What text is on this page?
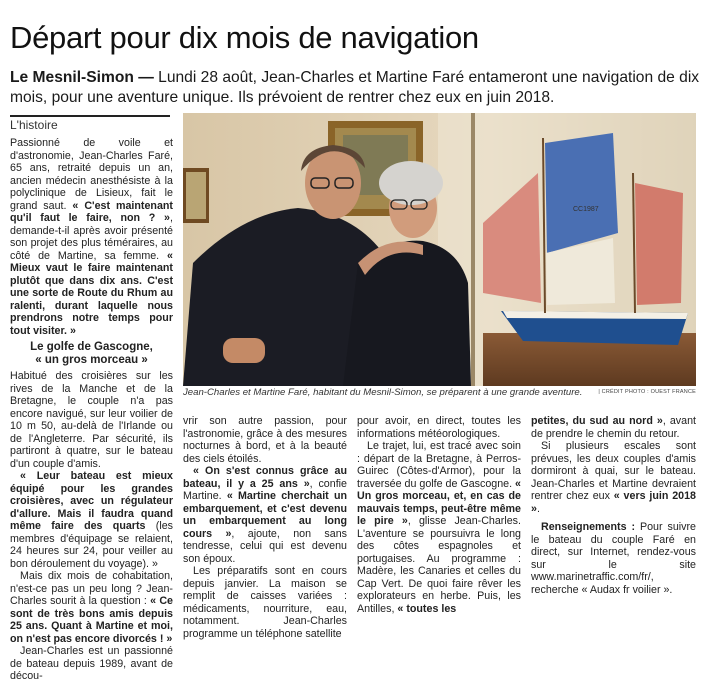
Départ pour dix mois de navigation
Le Mesnil-Simon — Lundi 28 août, Jean-Charles et Martine Faré entameront une navigation de dix mois, pour une aventure unique. Ils prévoient de rentrer chez eux en juin 2018.
L'histoire

Passionné de voile et d'astronomie, Jean-Charles Faré, 65 ans, retraité depuis un an, ancien médecin anesthésiste à la polyclinique de Lisieux, fait le grand saut. « C'est maintenant qu'il faut le faire, non ? », demande-t-il après avoir présenté son projet des plus téméraires, au côté de Martine, sa femme. « Mieux vaut le faire maintenant plutôt que dans dix ans. C'est une sorte de Route du Rhum au ralenti, durant laquelle nous prendrons notre temps pour tout visiter. »

Le golfe de Gascogne,
« un gros morceau »

Habitué des croisières sur les rives de la Manche et de la Bretagne, le couple n'a pas encore navigué, sur leur voilier de 10 m 50, au-delà de l'Irlande ou de l'Angleterre. Par sécurité, ils partiront à quatre, sur le bateau d'un couple d'amis.

« Leur bateau est mieux équipé pour les grandes croisières, avec un régulateur d'allure. Mais il faudra quand même faire des quarts (les membres d'équipage se relaient, 24 heures sur 24, pour veiller au bon déroulement du voyage). »

Mais dix mois de cohabitation, n'est-ce pas un peu long ? Jean-Charles sourit à la question : « Ce sont de très bons amis depuis 25 ans. Quant à Martine et moi, on n'est pas encore divorcés ! »

Jean-Charles est un passionné de bateau depuis 1989, avant de décou-

CC1987
Jean-Charles et Martine Faré, habitant du Mesnil-Simon, se préparent à une grande aventure.	| CRÉDIT PHOTO : OUEST FRANCE

vrir son autre passion, pour l'astronomie, grâce à des mesures nocturnes à bord, et à la beauté des ciels étoilés.

« On s'est connus grâce au bateau, il y a 25 ans », confie Martine. « Martine cherchait un embarquement, et c'est devenu un embarquement au long cours », ajoute, non sans tendresse, celui qui est devenu son époux.

Les préparatifs sont en cours depuis janvier. La maison se remplit de caisses variées : médicaments, nourriture, eau, notamment. Jean-Charles programme un téléphone satellite

pour avoir, en direct, toutes les informations météorologiques.

Le trajet, lui, est tracé avec soin : départ de la Bretagne, à Perros-Guirec (Côtes-d'Armor), pour la traversée du golfe de Gascogne. « Un gros morceau, et, en cas de mauvais temps, peut-être même le pire », glisse Jean-Charles. L'aventure se poursuivra le long des côtes espagnoles et portugaises. Au programme : Madère, les Canaries et celles du Cap Vert. De quoi faire rêver les explorateurs en herbe. Puis, les Antilles, « toutes les

petites, du sud au nord », avant de prendre le chemin du retour.

Si plusieurs escales sont prévues, les deux couples d'amis dormiront à quai, sur le bateau. Jean-Charles et Martine devraient rentrer chez eux « vers juin 2018 ».

Renseignements : Pour suivre le bateau du couple Faré en direct, sur Internet, rendez-vous sur le site www.marinetraffic.com/fr/, recherche « Audax fr voilier ».
